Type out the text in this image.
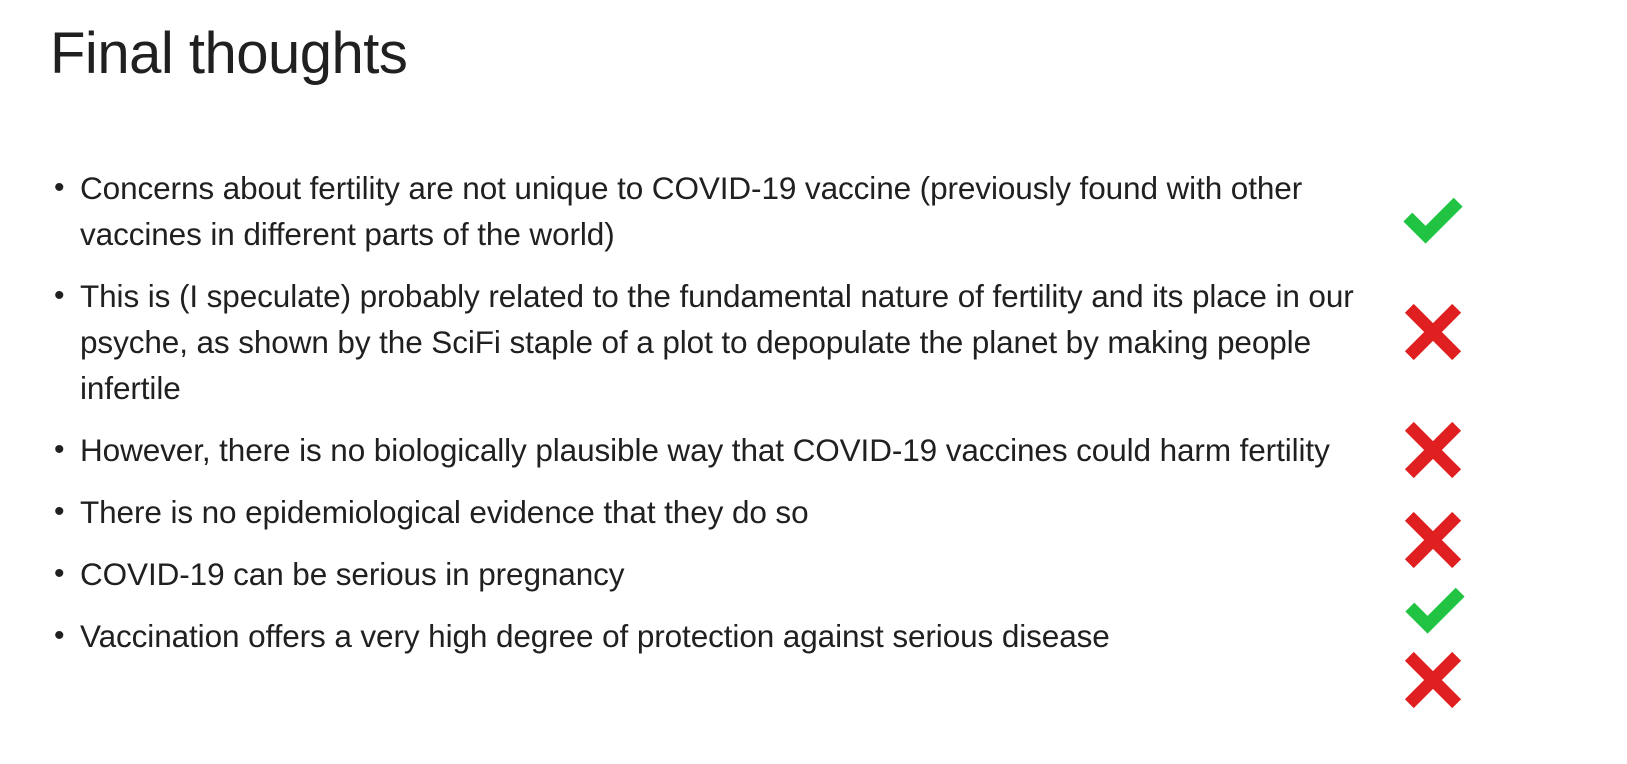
Final thoughts
• Concerns about fertility are not unique to COVID-19 vaccine (previously found with other vaccines in different parts of the world)
• This is (I speculate) probably related to the fundamental nature of fertility and its place in our psyche, as shown by the SciFi staple of a plot to depopulate the planet by making people infertile
• However, there is no biologically plausible way that COVID-19 vaccines could harm fertility
• There is no epidemiological evidence that they do so
• COVID-19 can be serious in pregnancy
• Vaccination offers a very high degree of protection against serious disease
